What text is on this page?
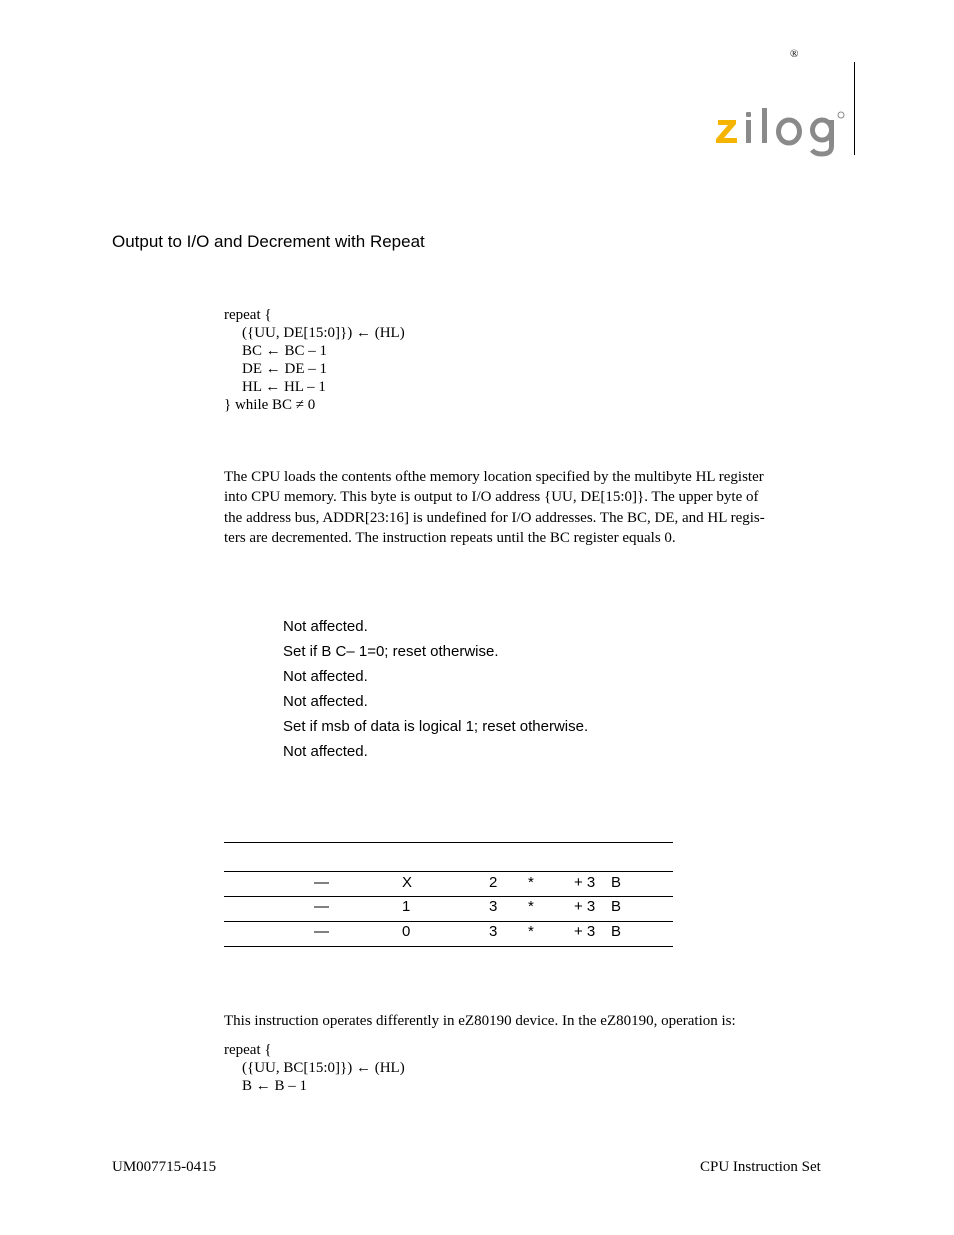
®
Output to I/O and Decrement with Repeat
repeat {
({UU, DE[15:0]}) ← (HL)
BC ← BC – 1
DE ← DE – 1
HL ← HL – 1
} while BC ≠ 0
The CPU loads the contents ofthe memory location specified by the multibyte HL register
into CPU memory. This byte is output to I/O address {UU, DE[15:0]}. The upper byte of
the address bus, ADDR[23:16] is undefined for I/O addresses. The BC, DE, and HL regis-
ters are decremented. The instruction repeats until the BC register equals 0.
Not affected.
Set if B C– 1=0; reset otherwise.
Not affected.
Not affected.
Set if msb of data is logical 1; reset otherwise.
Not affected.
—	X	2 *	+ 3 B
—	1	3 *	+ 3 B
—	0	3 *	+ 3 B
This instruction operates differently in eZ80190 device. In the eZ80190, operation is:
repeat {
({UU, BC[15:0]}) ← (HL)
B ← B – 1
UM007715-0415	CPU Instruction Set
